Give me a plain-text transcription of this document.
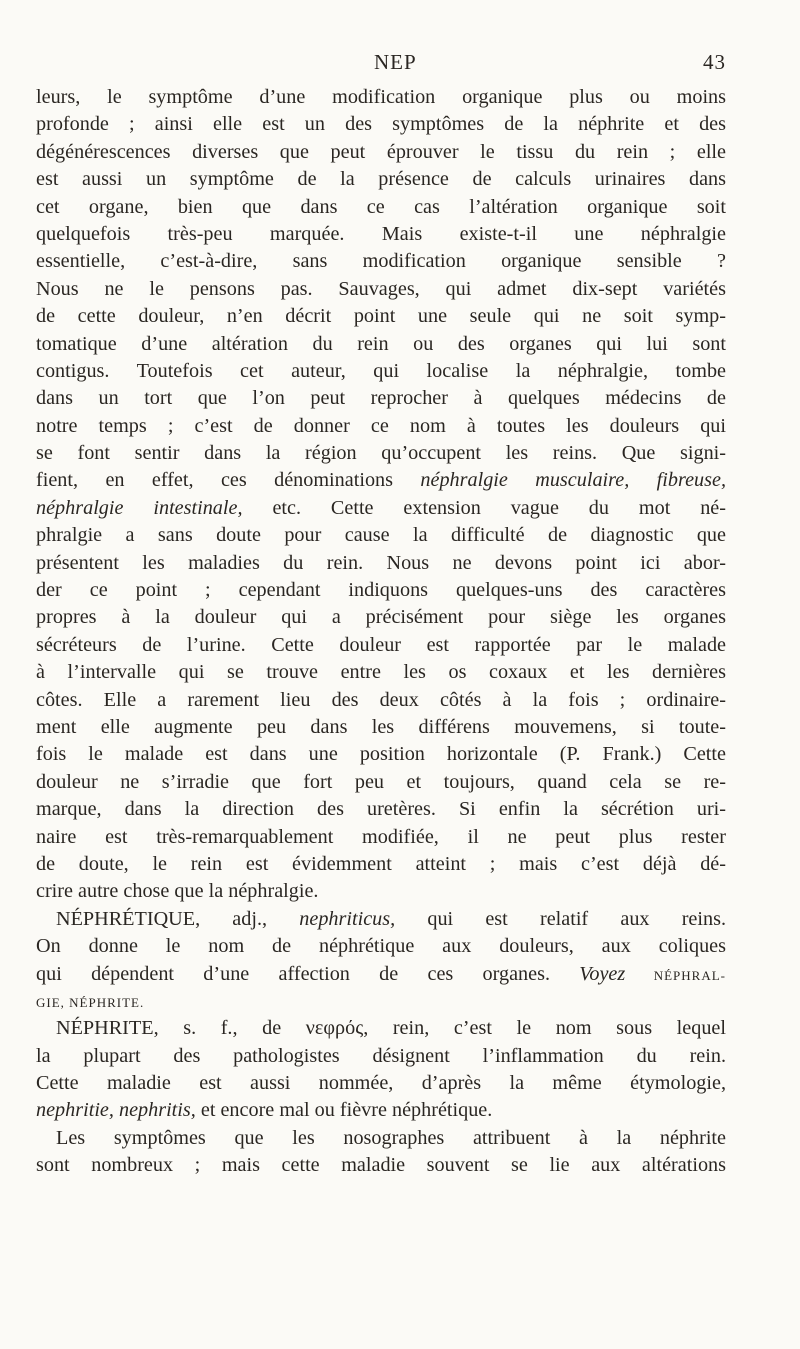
NEP	43
leurs, le symptôme d’une modification organique plus ou moins
profonde ; ainsi elle est un des symptômes de la néphrite et des
dégénérescences diverses que peut éprouver le tissu du rein ; elle
est aussi un symptôme de la présence de calculs urinaires dans
cet organe, bien que dans ce cas l’altération organique soit
quelquefois très-peu marquée. Mais existe-t-il une néphralgie
essentielle, c’est-à-dire, sans modification organique sensible ?
Nous ne le pensons pas. Sauvages, qui admet dix-sept variétés
de cette douleur, n’en décrit point une seule qui ne soit symp-
tomatique d’une altération du rein ou des organes qui lui sont
contigus. Toutefois cet auteur, qui localise la néphralgie, tombe
dans un tort que l’on peut reprocher à quelques médecins de
notre temps ; c’est de donner ce nom à toutes les douleurs qui
se font sentir dans la région qu’occupent les reins. Que signi-
fient, en effet, ces dénominations néphralgie musculaire, fibreuse,
néphralgie intestinale, etc. Cette extension vague du mot né-
phralgie a sans doute pour cause la difficulté de diagnostic que
présentent les maladies du rein. Nous ne devons point ici abor-
der ce point ; cependant indiquons quelques-uns des caractères
propres à la douleur qui a précisément pour siège les organes
sécréteurs de l’urine. Cette douleur est rapportée par le malade
à l’intervalle qui se trouve entre les os coxaux et les dernières
côtes. Elle a rarement lieu des deux côtés à la fois ; ordinaire-
ment elle augmente peu dans les différens mouvemens, si toute-
fois le malade est dans une position horizontale (P. Frank.) Cette
douleur ne s’irradie que fort peu et toujours, quand cela se re-
marque, dans la direction des uretères. Si enfin la sécrétion uri-
naire est très-remarquablement modifiée, il ne peut plus rester
de doute, le rein est évidemment atteint ; mais c’est déjà dé-
crire autre chose que la néphralgie.
NÉPHRÉTIQUE, adj., nephriticus, qui est relatif aux reins.
On donne le nom de néphrétique aux douleurs, aux coliques
qui dépendent d’une affection de ces organes. Voyez NÉPHRAL-
GIE, NÉPHRITE.
NÉPHRITE, s. f., de νεφρός, rein, c’est le nom sous lequel
la plupart des pathologistes désignent l’inflammation du rein.
Cette maladie est aussi nommée, d’après la même étymologie,
nephritie, nephritis, et encore mal ou fièvre néphrétique.
Les symptômes que les nosographes attribuent à la néphrite
sont nombreux ; mais cette maladie souvent se lie aux altérations
